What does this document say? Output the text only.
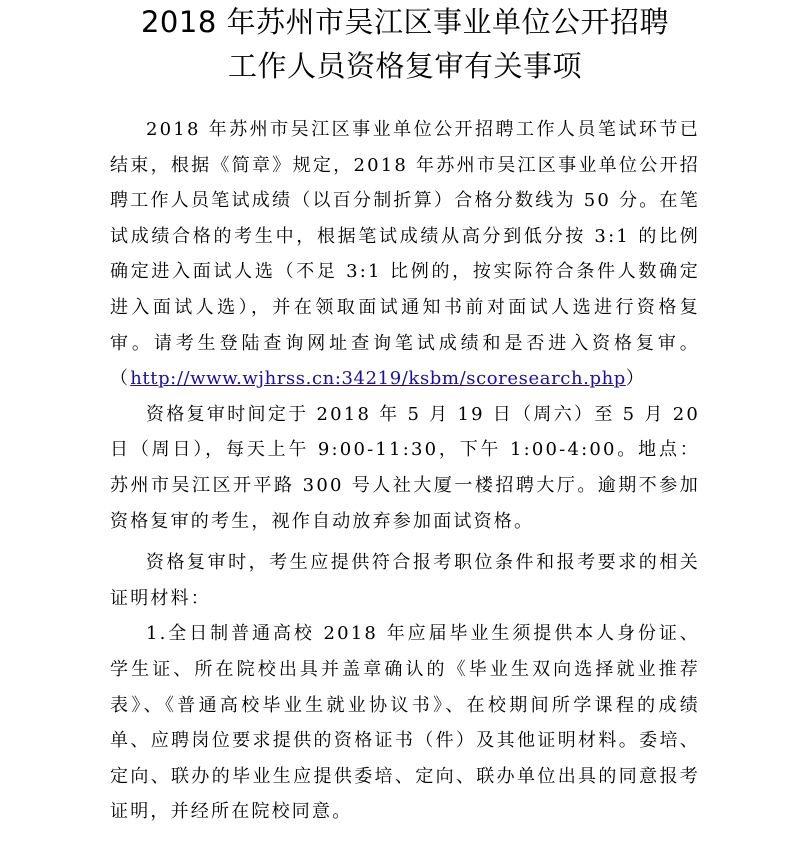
2018 年苏州市吴江区事业单位公开招聘
工作人员资格复审有关事项

2018 年苏州市吴江区事业单位公开招聘工作人员笔试环节已结束，根据《简章》规定，2018 年苏州市吴江区事业单位公开招聘工作人员笔试成绩（以百分制折算）合格分数线为 50 分。在笔试成绩合格的考生中，根据笔试成绩从高分到低分按 3:1 的比例确定进入面试人选（不足 3:1 比例的，按实际符合条件人数确定进入面试人选），并在领取面试通知书前对面试人选进行资格复审。请考生登陆查询网址查询笔试成绩和是否进入资格复审。（http://www.wjhrss.cn:34219/ksbm/scoresearch.php）

资格复审时间定于 2018 年 5 月 19 日（周六）至 5 月 20 日（周日），每天上午 9:00-11:30，下午 1:00-4:00。地点：苏州市吴江区开平路 300 号人社大厦一楼招聘大厅。逾期不参加资格复审的考生，视作自动放弃参加面试资格。

资格复审时，考生应提供符合报考职位条件和报考要求的相关证明材料：

1.全日制普通高校 2018 年应届毕业生须提供本人身份证、学生证、所在院校出具并盖章确认的《毕业生双向选择就业推荐表》、《普通高校毕业生就业协议书》、在校期间所学课程的成绩单、应聘岗位要求提供的资格证书（件）及其他证明材料。委培、定向、联办的毕业生应提供委培、定向、联办单位出具的同意报考证明，并经所在院校同意。
